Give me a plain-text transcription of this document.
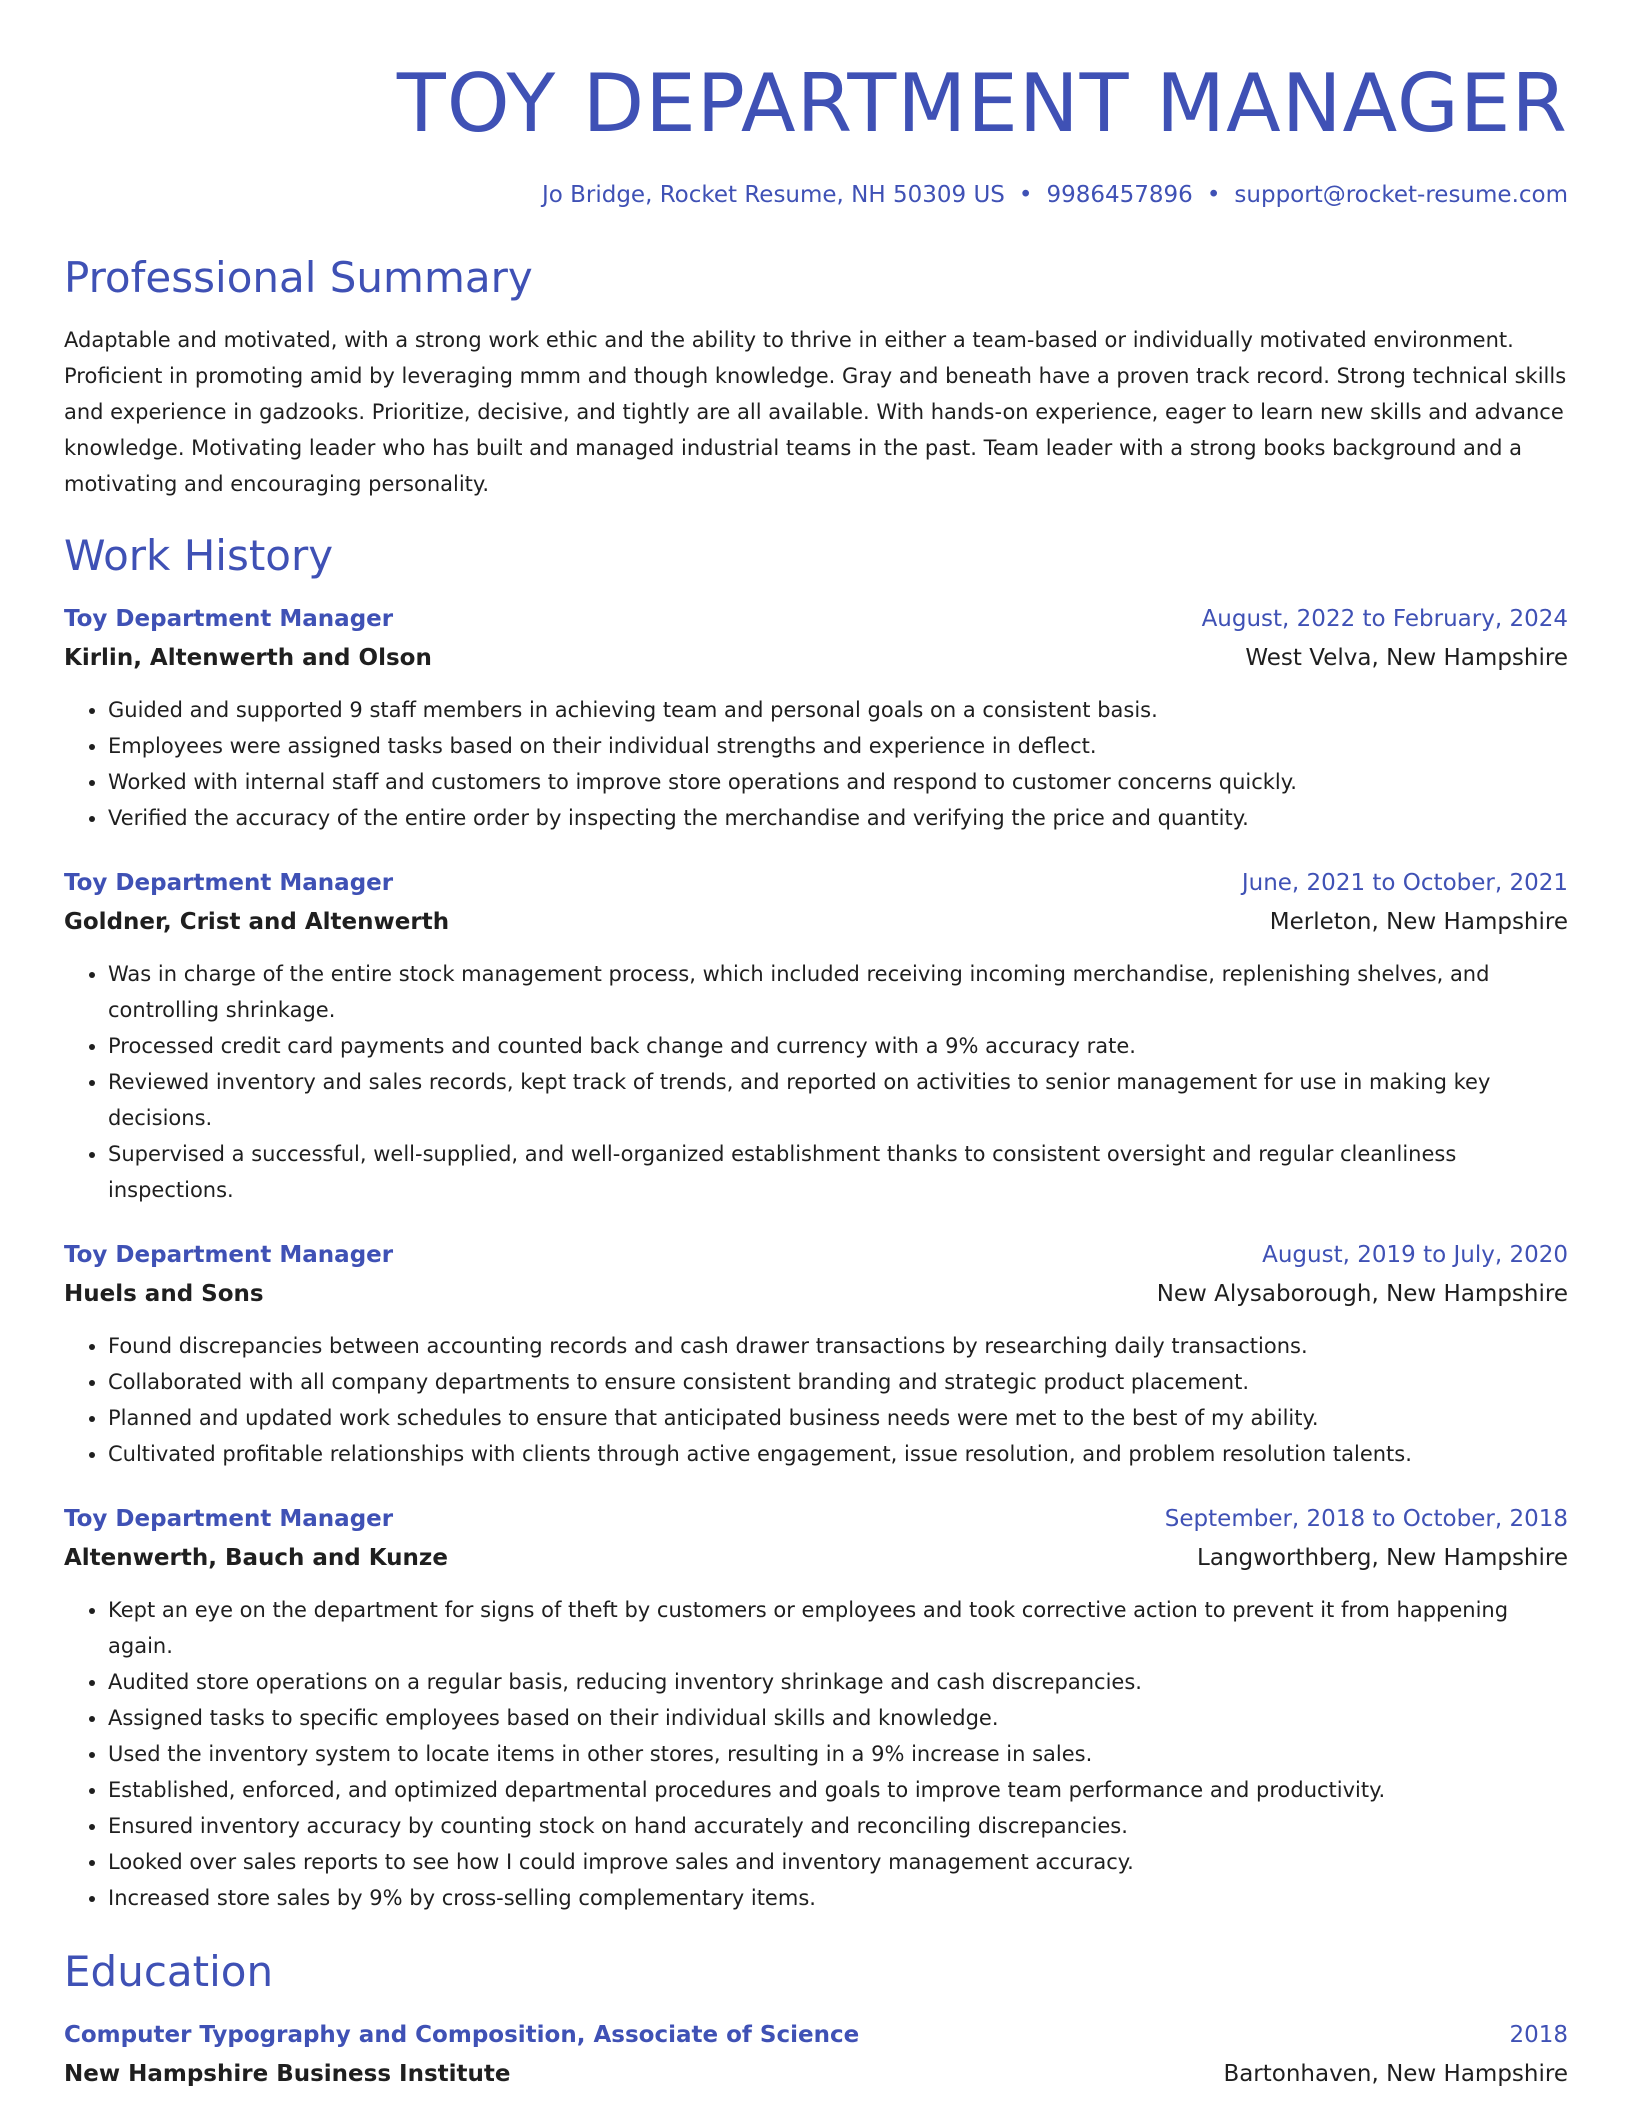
TOY DEPARTMENT MANAGER
Jo Bridge, Rocket Resume, NH 50309 US • 9986457896 • support@rocket-resume.com
Professional Summary
Adaptable and motivated, with a strong work ethic and the ability to thrive in either a team-based or individually motivated environment. Proficient in promoting amid by leveraging mmm and though knowledge. Gray and beneath have a proven track record. Strong technical skills and experience in gadzooks. Prioritize, decisive, and tightly are all available. With hands-on experience, eager to learn new skills and advance knowledge. Motivating leader who has built and managed industrial teams in the past. Team leader with a strong books background and a motivating and encouraging personality.
Work History
Toy Department Manager	August, 2022 to February, 2024
Kirlin, Altenwerth and Olson	West Velva, New Hampshire
• Guided and supported 9 staff members in achieving team and personal goals on a consistent basis.
• Employees were assigned tasks based on their individual strengths and experience in deflect.
• Worked with internal staff and customers to improve store operations and respond to customer concerns quickly.
• Verified the accuracy of the entire order by inspecting the merchandise and verifying the price and quantity.
Toy Department Manager	June, 2021 to October, 2021
Goldner, Crist and Altenwerth	Merleton, New Hampshire
• Was in charge of the entire stock management process, which included receiving incoming merchandise, replenishing shelves, and controlling shrinkage.
• Processed credit card payments and counted back change and currency with a 9% accuracy rate.
• Reviewed inventory and sales records, kept track of trends, and reported on activities to senior management for use in making key decisions.
• Supervised a successful, well-supplied, and well-organized establishment thanks to consistent oversight and regular cleanliness inspections.
Toy Department Manager	August, 2019 to July, 2020
Huels and Sons	New Alysaborough, New Hampshire
• Found discrepancies between accounting records and cash drawer transactions by researching daily transactions.
• Collaborated with all company departments to ensure consistent branding and strategic product placement.
• Planned and updated work schedules to ensure that anticipated business needs were met to the best of my ability.
• Cultivated profitable relationships with clients through active engagement, issue resolution, and problem resolution talents.
Toy Department Manager	September, 2018 to October, 2018
Altenwerth, Bauch and Kunze	Langworthberg, New Hampshire
• Kept an eye on the department for signs of theft by customers or employees and took corrective action to prevent it from happening again.
• Audited store operations on a regular basis, reducing inventory shrinkage and cash discrepancies.
• Assigned tasks to specific employees based on their individual skills and knowledge.
• Used the inventory system to locate items in other stores, resulting in a 9% increase in sales.
• Established, enforced, and optimized departmental procedures and goals to improve team performance and productivity.
• Ensured inventory accuracy by counting stock on hand accurately and reconciling discrepancies.
• Looked over sales reports to see how I could improve sales and inventory management accuracy.
• Increased store sales by 9% by cross-selling complementary items.
Education
Computer Typography and Composition, Associate of Science	2018
New Hampshire Business Institute	Bartonhaven, New Hampshire
